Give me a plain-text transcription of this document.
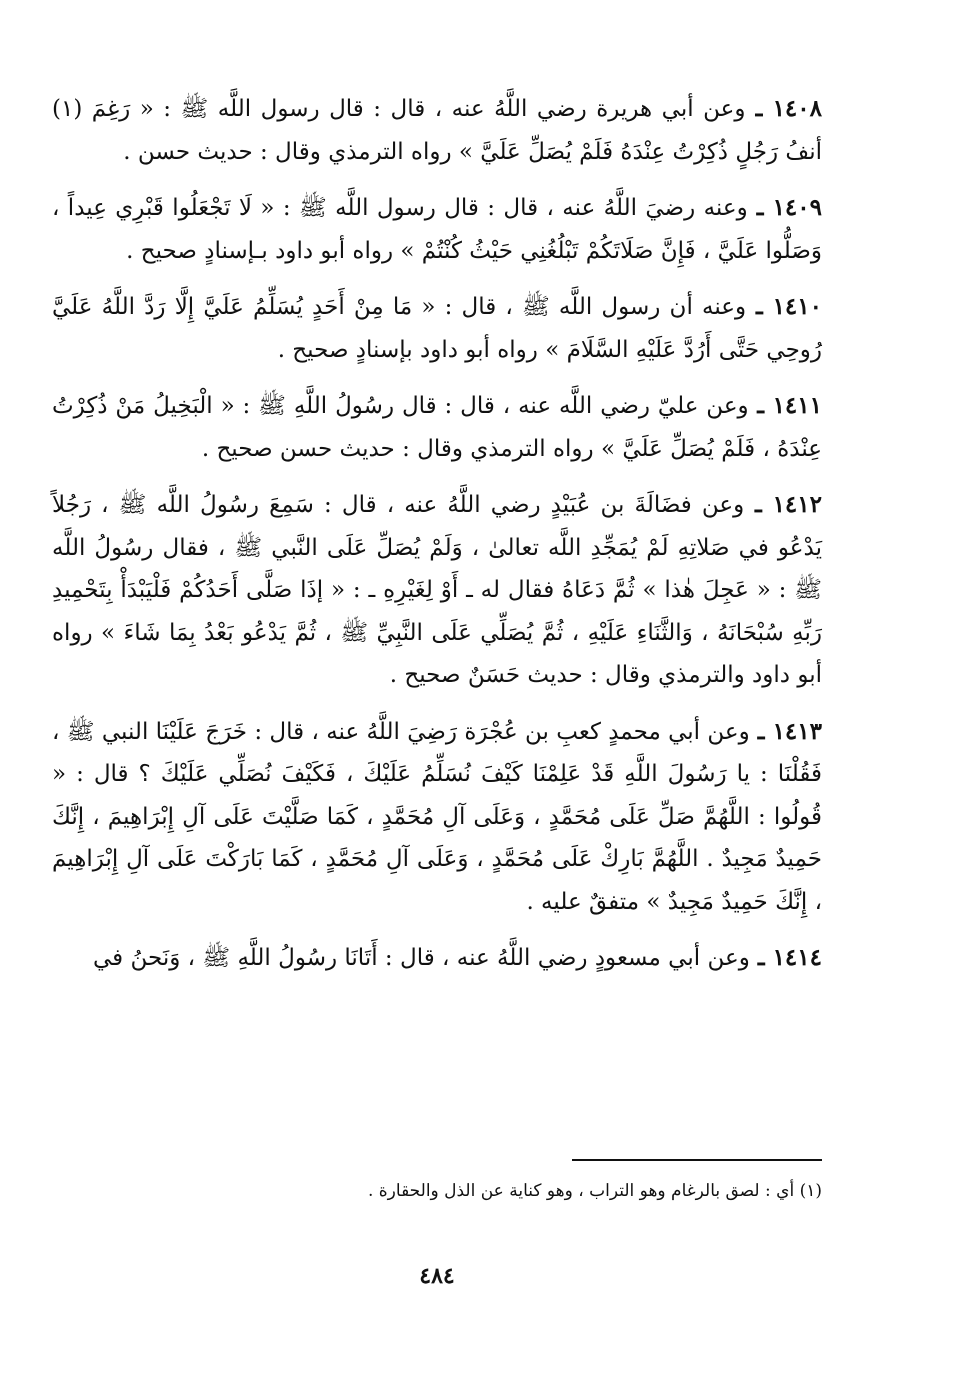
١٤٠٨ ـ وعن أبي هريرة رضي اللَّهُ عنه ، قال : قال رسول اللَّه ﷺ : « رَغِمَ (١) أنفُ رَجُلٍ ذُكِرْتُ عِنْدَهُ فَلَمْ يُصَلِّ عَلَيَّ » رواه الترمذي وقال : حديث حسن .

١٤٠٩ ـ وعنه رضيَ اللَّهُ عنه ، قال : قال رسول اللَّه ﷺ : « لَا تَجْعَلُوا قَبْرِي عِيداً ، وَصَلُّوا عَلَيَّ ، فَإِنَّ صَلَاتَكُمْ تَبْلُغُنِي حَيْثُ كُنْتُمْ » رواه أبو داود بـإسنادٍ صحيح .

١٤١٠ ـ وعنه أن رسول اللَّه ﷺ ، قال : « مَا مِنْ أَحَدٍ يُسَلِّمُ عَلَيَّ إِلَّا رَدَّ اللَّهُ عَلَيَّ رُوحِي حَتَّى أَرُدَّ عَلَيْهِ السَّلَامَ » رواه أبو داود بإسنادٍ صحيح .

١٤١١ ـ وعن عليّ رضي اللَّه عنه ، قال : قال رسُولُ اللَّهِ ﷺ : « الْبَخِيلُ مَنْ ذُكِرْتُ عِنْدَهُ ، فَلَمْ يُصَلِّ عَلَيَّ » رواه الترمذي وقال : حديث حسن صحيح .

١٤١٢ ـ وعن فضَالَةَ بن عُبَيْدٍ رضي اللَّهُ عنه ، قال : سَمِعَ رسُولُ اللَّه ﷺ ، رَجُلاً يَدْعُو في صَلاتِهِ لَمْ يُمَجِّدِ اللَّه تعالىٰ ، وَلَمْ يُصَلِّ عَلَى النَّبي ﷺ ، فقال رسُولُ اللَّه ﷺ : « عَجِلَ هٰذا » ثُمَّ دَعَاهُ فقال له ـ أَوْ لِغَيْرِهِ ـ : « إذَا صَلَّى أَحَدُكُمْ فَلْيَبْدَأْ بِتَحْمِيدِ رَبِّهِ سُبْحَانَهُ ، وَالثَّنَاءِ عَلَيْهِ ، ثُمَّ يُصَلِّي عَلَى النَّبِيِّ ﷺ ، ثُمَّ يَدْعُو بَعْدُ بِمَا شَاءَ » رواه أبو داود والترمذي وقال : حديث حَسَنٌ صحيح .

١٤١٣ ـ وعن أبي محمدٍ كعبِ بن عُجْرَة رَضِيَ اللَّهُ عنه ، قال : خَرَجَ عَلَيْنَا النبي ﷺ ، فَقُلْنَا : يا رَسُولَ اللَّهِ قَدْ عَلِمْنَا كَيْفَ نُسَلِّمُ عَلَيْكَ ، فَكَيْفَ نُصَلِّي عَلَيْكَ ؟ قال : « قُولُوا : اللَّهُمَّ صَلِّ عَلَى مُحَمَّدٍ ، وَعَلَى آلِ مُحَمَّدٍ ، كَمَا صَلَّيْتَ عَلَى آلِ إِبْرَاهِيمَ ، إِنَّكَ حَمِيدٌ مَجِيدٌ . اللَّهُمَّ بَارِكْ عَلَى مُحَمَّدٍ ، وَعَلَى آلِ مُحَمَّدٍ ، كَمَا بَارَكْتَ عَلَى آلِ إِبْرَاهِيمَ ، إِنَّكَ حَمِيدٌ مَجِيدٌ » متفقٌ عليه .

١٤١٤ ـ وعن أبي مسعودٍ رضي اللَّهُ عنه ، قال : أَتَانَا رسُولُ اللَّهِ ﷺ ، وَنَحنُ في

(١) أي : لصق بالرغام وهو التراب ، وهو كناية عن الذل والحقارة .
٤٨٤
